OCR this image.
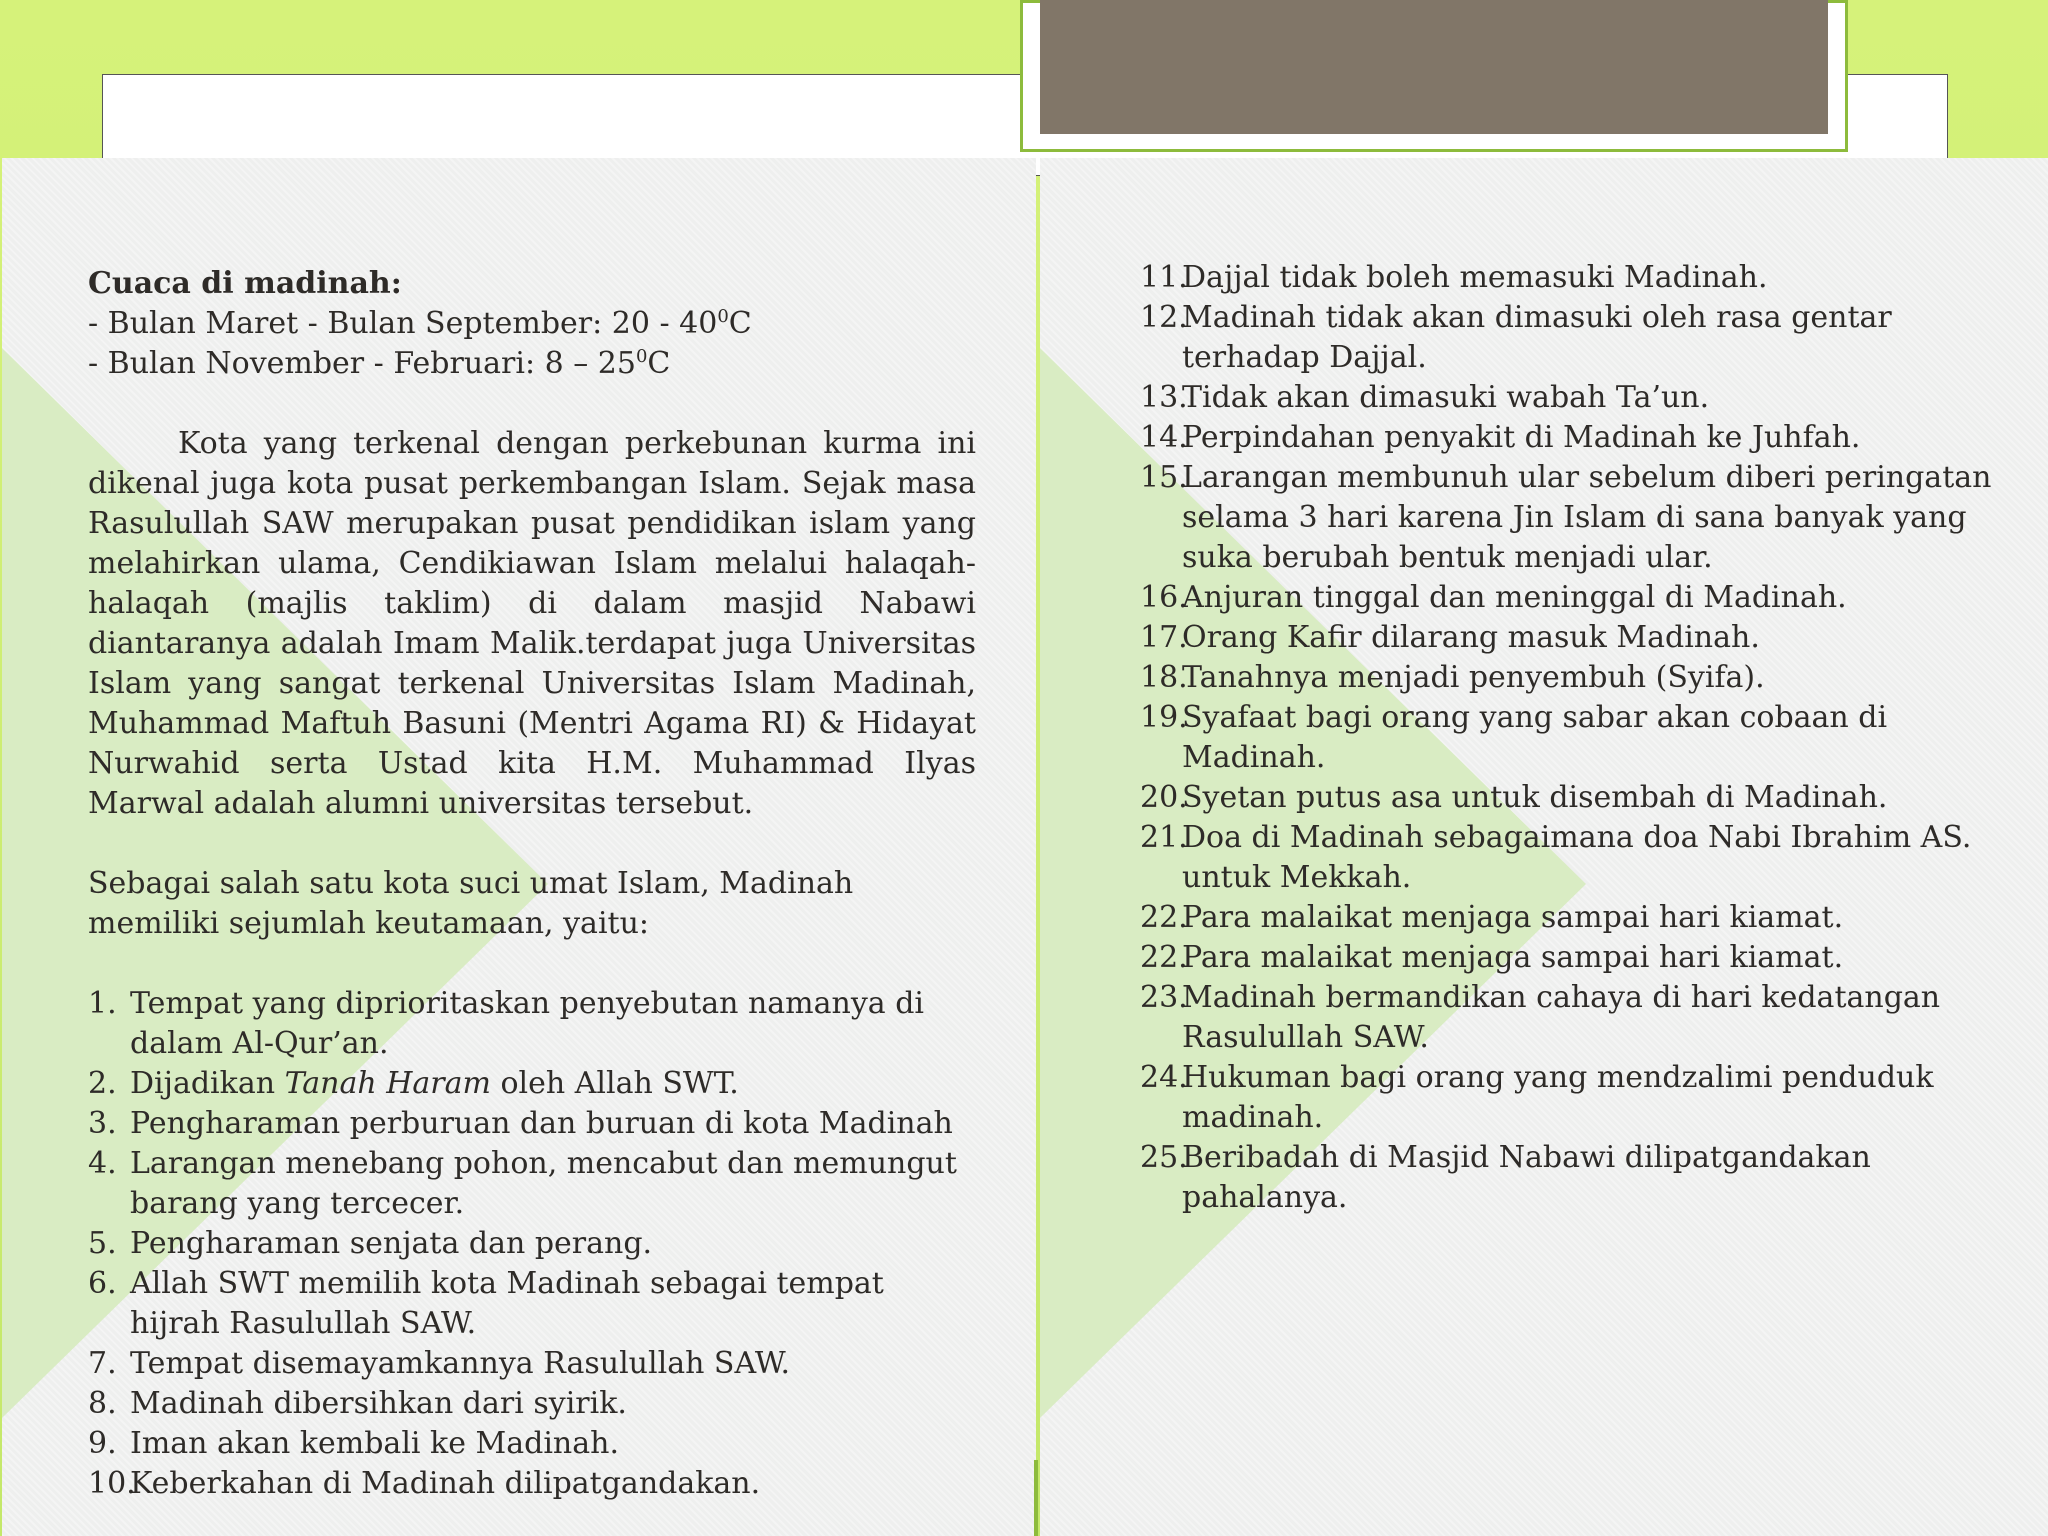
Cuaca di madinah:

- Bulan Maret - Bulan September: $20 - 40^0C$

- Bulan November - Februari: $8 - 25^0C$

Kota yang terkenal dengan perkebunan kurma ini dikenal juga kota pusat perkembangan Islam. Sejak masa Rasulullah SAW merupakan pusat pendidikan islam yang melahirkan ulama, Cendikiawan Islam melalui halaqah-halaqah (majlis taklim) di dalam masjid Nabawi diantaranya adalah Imam Malik.terdapat juga Universitas Islam yang sangat terkenal Universitas Islam Madinah, Muhammad Maftuh Basuni (Mentri Agama RI) & Hidayat Nurwahid serta Ustad kita H.M. Muhammad Ilyas Marwal adalah alumni universitas tersebut.

Sebagai salah satu kota suci umat Islam, Madinah memiliki sejumlah keutamaan, yaitu:

1. Tempat yang diprioritaskan penyebutan namanya di dalam Al-Qur’an.
2. Dijadikan Tanah Haram oleh Allah SWT.
3. Pengharaman perburuan dan buruan di kota Madinah
4. Larangan menebang pohon, mencabut dan memungut barang yang tercecer.
5. Pengharaman senjata dan perang.
6. Allah SWT memilih kota Madinah sebagai tempat hijrah Rasulullah SAW.
7. Tempat disemayamkannya Rasulullah SAW.
8. Madinah dibersihkan dari syirik.
9. Iman akan kembali ke Madinah.
10.
Keberkahan di Madinah dilipatgandakan.
11.
Dajjal tidak boleh memasuki Madinah.
12.
Madinah tidak akan dimasuki oleh rasa gentar terhadap Dajjal.
13.
Tidak akan dimasuki wabah Ta’un.
14.
Perpindahan penyakit di Madinah ke Juhfah.
15.
Larangan membunuh ular sebelum diberi peringatan selama 3 hari karena Jin Islam di sana banyak yang suka berubah bentuk menjadi ular.
16.
Anjuran tinggal dan meninggal di Madinah.
17.
Orang Kafir dilarang masuk Madinah.
18.
Tanahnya menjadi penyembuh (Syifa).
19.
Syafaat bagi orang yang sabar akan cobaan di Madinah.
20.
Syetan putus asa untuk disembah di Madinah.
21.
Doa di Madinah sebagaimana doa Nabi Ibrahim AS. untuk Mekkah.
22.
Para malaikat menjaga sampai hari kiamat.
22.
Para malaikat menjaga sampai hari kiamat.
23.
Madinah bermandikan cahaya di hari kedatangan Rasulullah SAW.
24.
Hukuman bagi orang yang mendzalimi penduduk madinah.
25.
Beribadah di Masjid Nabawi dilipatgandakan pahalanya.
